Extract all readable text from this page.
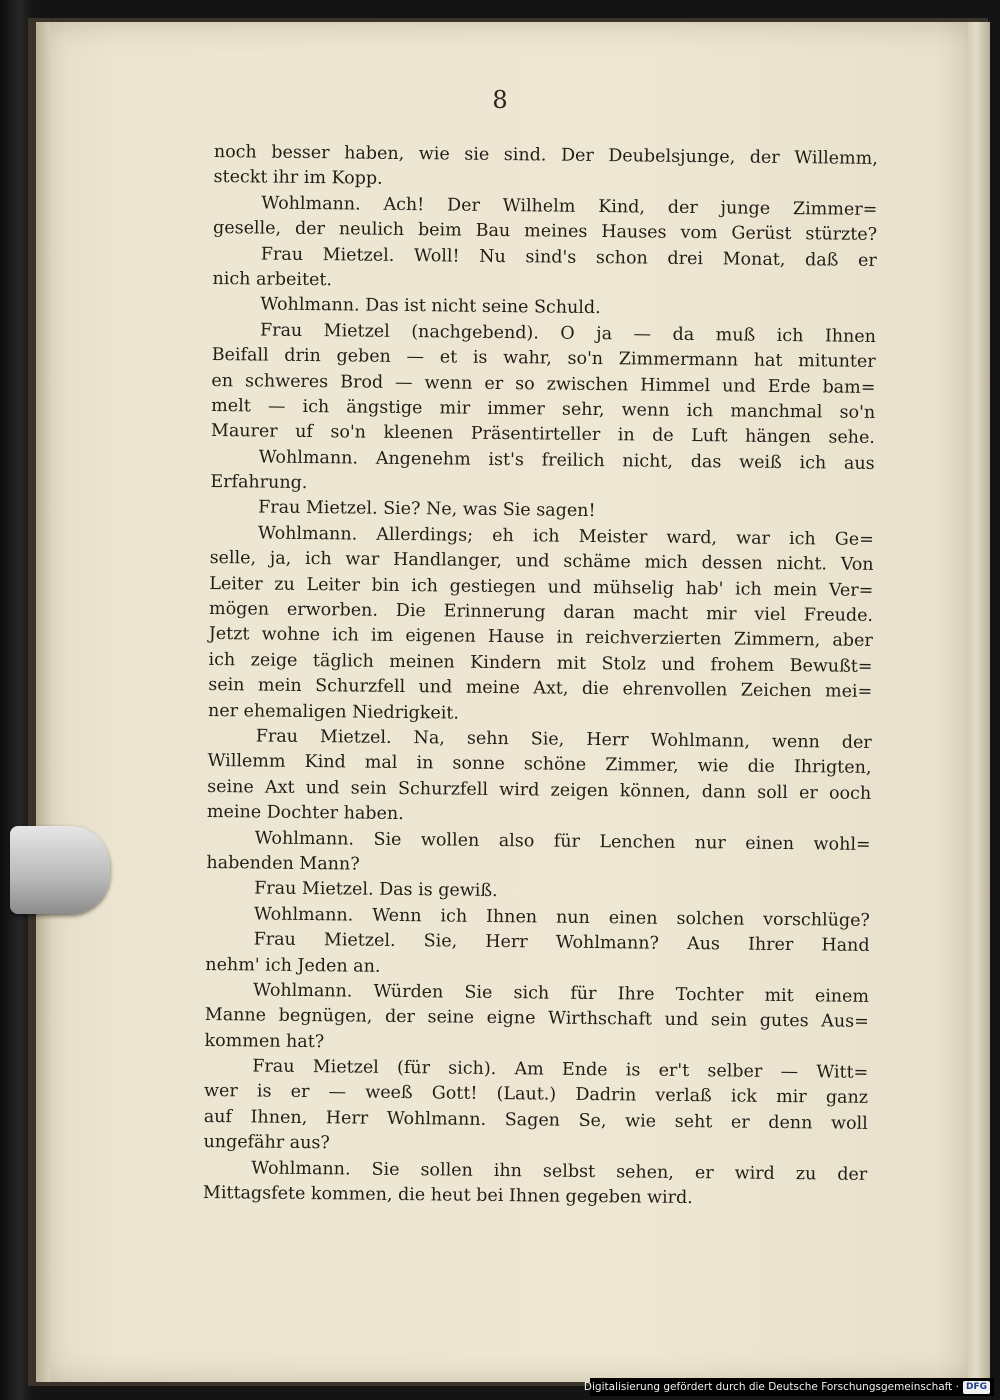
8
noch besser haben, wie sie sind. Der Deubelsjunge, der Willemm,
steckt ihr im Kopp.
Wohlmann. Ach! Der Wilhelm Kind, der junge Zimmer=
geselle, der neulich beim Bau meines Hauses vom Gerüst stürzte?
Frau Mietzel. Woll! Nu sind's schon drei Monat, daß er
nich arbeitet.
Wohlmann. Das ist nicht seine Schuld.
Frau Mietzel (nachgebend). O ja — da muß ich Ihnen
Beifall drin geben — et is wahr, so'n Zimmermann hat mitunter
en schweres Brod — wenn er so zwischen Himmel und Erde bam=
melt — ich ängstige mir immer sehr, wenn ich manchmal so'n
Maurer uf so'n kleenen Präsentirteller in de Luft hängen sehe.
Wohlmann. Angenehm ist's freilich nicht, das weiß ich aus
Erfahrung.
Frau Mietzel. Sie? Ne, was Sie sagen!
Wohlmann. Allerdings; eh ich Meister ward, war ich Ge=
selle, ja, ich war Handlanger, und schäme mich dessen nicht. Von
Leiter zu Leiter bin ich gestiegen und mühselig hab' ich mein Ver=
mögen erworben. Die Erinnerung daran macht mir viel Freude.
Jetzt wohne ich im eigenen Hause in reichverzierten Zimmern, aber
ich zeige täglich meinen Kindern mit Stolz und frohem Bewußt=
sein mein Schurzfell und meine Axt, die ehrenvollen Zeichen mei=
ner ehemaligen Niedrigkeit.
Frau Mietzel. Na, sehn Sie, Herr Wohlmann, wenn der
Willemm Kind mal in sonne schöne Zimmer, wie die Ihrigten,
seine Axt und sein Schurzfell wird zeigen können, dann soll er ooch
meine Dochter haben.
Wohlmann. Sie wollen also für Lenchen nur einen wohl=
habenden Mann?
Frau Mietzel. Das is gewiß.
Wohlmann. Wenn ich Ihnen nun einen solchen vorschlüge?
Frau Mietzel. Sie, Herr Wohlmann? Aus Ihrer Hand
nehm' ich Jeden an.
Wohlmann. Würden Sie sich für Ihre Tochter mit einem
Manne begnügen, der seine eigne Wirthschaft und sein gutes Aus=
kommen hat?
Frau Mietzel (für sich). Am Ende is er't selber — Witt=
wer is er — weeß Gott! (Laut.) Dadrin verlaß ick mir ganz
auf Ihnen, Herr Wohlmann. Sagen Se, wie seht er denn woll
ungefähr aus?
Wohlmann. Sie sollen ihn selbst sehen, er wird zu der
Mittagsfete kommen, die heut bei Ihnen gegeben wird.
Digitalisierung gefördert durch die Deutsche Forschungsgemeinschaft · DFG
